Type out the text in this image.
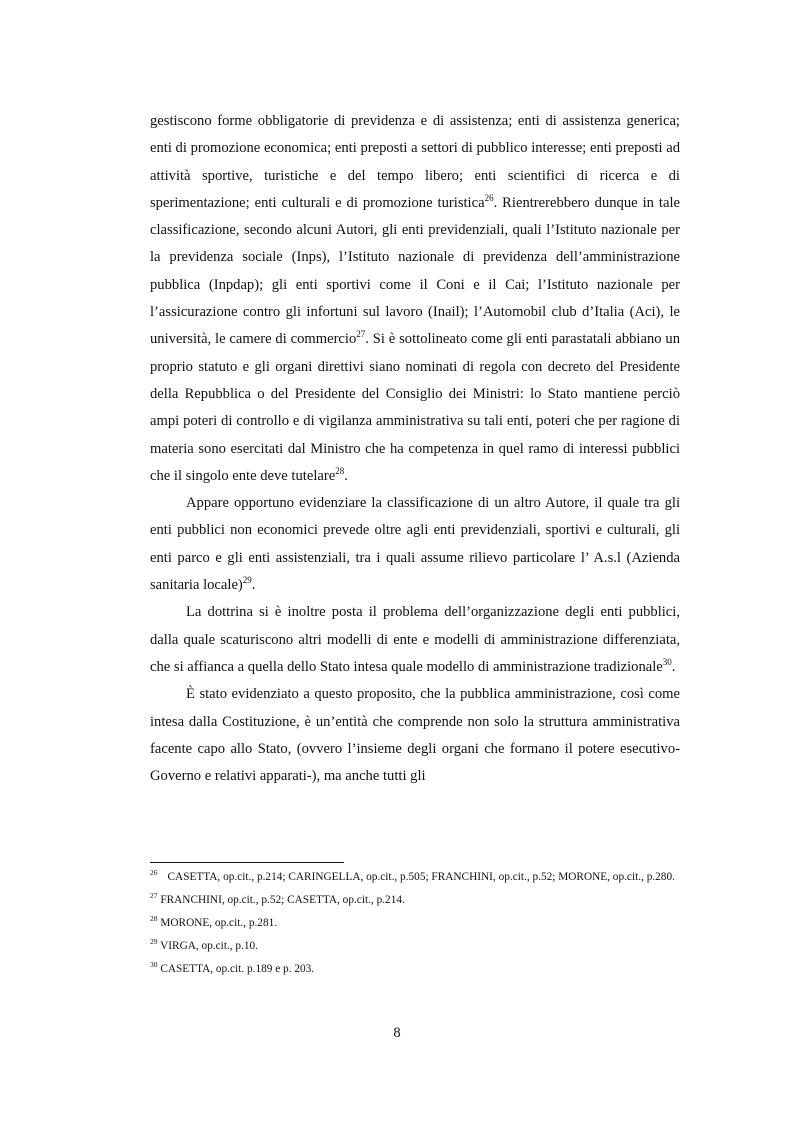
gestiscono forme obbligatorie di previdenza e di assistenza; enti di assistenza generica; enti di promozione economica; enti preposti a settori di pubblico interesse; enti preposti ad attività sportive, turistiche e del tempo libero; enti scientifici di ricerca e di sperimentazione; enti culturali e di promozione turistica$^{26}$. Rientrerebbero dunque in tale classificazione, secondo alcuni Autori, gli enti previdenziali, quali l’Istituto nazionale per la previdenza sociale (Inps), l’Istituto nazionale di previdenza dell’amministrazione pubblica (Inpdap); gli enti sportivi come il Coni e il Cai; l’Istituto nazionale per l’assicurazione contro gli infortuni sul lavoro (Inail); l’Automobil club d’Italia (Aci), le università, le camere di commercio$^{27}$. Si è sottolineato come gli enti parastatali abbiano un proprio statuto e gli organi direttivi siano nominati di regola con decreto del Presidente della Repubblica o del Presidente del Consiglio dei Ministri: lo Stato mantiene perciò ampi poteri di controllo e di vigilanza amministrativa su tali enti, poteri che per ragione di materia sono esercitati dal Ministro che ha competenza in quel ramo di interessi pubblici che il singolo ente deve tutelare$^{28}$.

Appare opportuno evidenziare la classificazione di un altro Autore, il quale tra gli enti pubblici non economici prevede oltre agli enti previdenziali, sportivi e culturali, gli enti parco e gli enti assistenziali, tra i quali assume rilievo particolare l’ A.s.l (Azienda sanitaria locale)$^{29}$.

La dottrina si è inoltre posta il problema dell’organizzazione degli enti pubblici, dalla quale scaturiscono altri modelli di ente e modelli di amministrazione differenziata, che si affianca a quella dello Stato intesa quale modello di amministrazione tradizionale$^{30}$.

È stato evidenziato a questo proposito, che la pubblica amministrazione, così come intesa dalla Costituzione, è un’entità che comprende non solo la struttura amministrativa facente capo allo Stato, (ovvero l’insieme degli organi che formano il potere esecutivo- Governo e relativi apparati-), ma anche tutti gli

$^{26}$ CASETTA, op.cit., p.214; CARINGELLA, op.cit., p.505; FRANCHINI, op.cit., p.52; MORONE, op.cit., p.280.

$^{27}$ FRANCHINI, op.cit., p.52; CASETTA, op.cit., p.214.

$^{28}$ MORONE, op.cit., p.281.

$^{29}$ VIRGA, op.cit., p.10.

$^{30}$ CASETTA, op.cit. p.189 e p. 203.

8
